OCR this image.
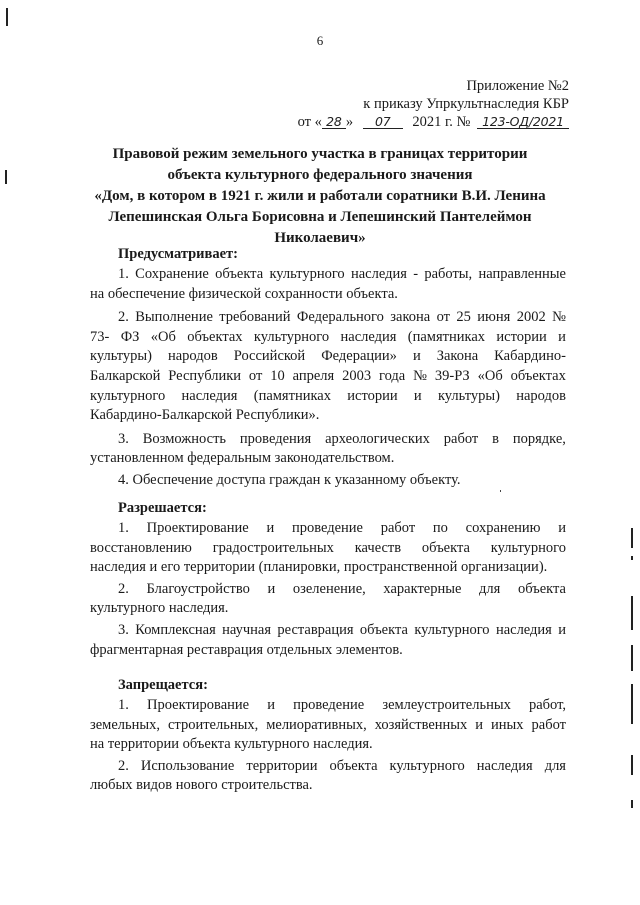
6
Приложение №2
к приказу Упркультнаследия КБР
от « 28 » 07 2021 г. № 123-ОД/2021
Правовой режим земельного участка в границах территории
объекта культурного федерального значения
«Дом, в котором в 1921 г. жили и работали соратники В.И. Ленина
Лепешинская Ольга Борисовна и Лепешинский Пантелеймон
Николаевич»
Предусматривает:
1. Сохранение объекта культурного наследия - работы, направленные
на обеспечение физической сохранности объекта.
2. Выполнение требований Федерального закона от 25 июня 2002 №
73- ФЗ «Об объектах культурного наследия (памятниках истории и
культуры) народов Российской Федерации» и Закона Кабардино-
Балкарской Республики от 10 апреля 2003 года № 39-РЗ «Об объектах
культурного наследия (памятниках истории и культуры) народов
Кабардино-Балкарской Республики».
3. Возможность проведения археологических работ в порядке,
установленном федеральным законодательством.
4. Обеспечение доступа граждан к указанному объекту.
Разрешается:
1. Проектирование и проведение работ по сохранению и
восстановлению градостроительных качеств объекта культурного
наследия и его территории (планировки, пространственной организации).
2. Благоустройство и озеленение, характерные для объекта
культурного наследия.
3. Комплексная научная реставрация объекта культурного наследия и
фрагментарная реставрация отдельных элементов.
Запрещается:
1. Проектирование и проведение землеустроительных работ,
земельных, строительных, мелиоративных, хозяйственных и иных работ
на территории объекта культурного наследия.
2. Использование территории объекта культурного наследия для
любых видов нового строительства.
